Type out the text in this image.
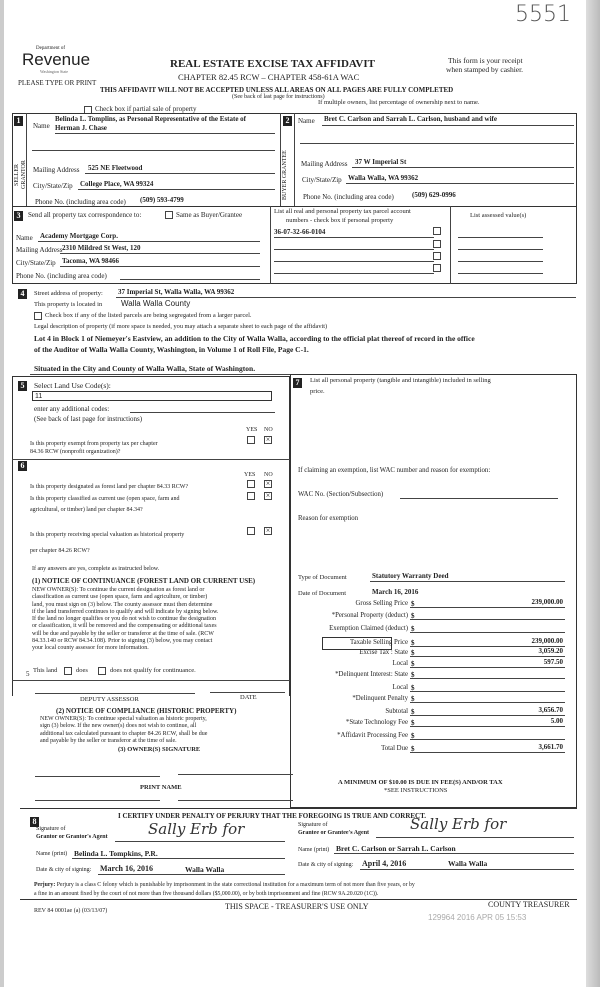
5551
Department of
Revenue
Washington State
REAL ESTATE EXCISE TAX AFFIDAVIT
CHAPTER 82.45 RCW – CHAPTER 458-61A WAC
PLEASE TYPE OR PRINT
THIS AFFIDAVIT WILL NOT BE ACCEPTED UNLESS ALL AREAS ON ALL PAGES ARE FULLY COMPLETED
(See back of last page for instructions)
This form is your receipt
when stamped by cashier.
Check box if partial sale of property
If multiple owners, list percentage of ownership next to name.
1
SELLER GRANTOR
Name
Belinda L. Tomplins, as Personal Representative of the Estate of
Herman J. Chase
Mailing Address 525 NE Fleetwood
City/State/Zip College Place, WA 99324
Phone No. (including area code) (509) 593-4799
2
BUYER GRANTEE
Name Bret C. Carlson and Sarrah L. Carlson, husband and wife
Mailing Address 37 W Imperial St
City/State/Zip Walla Walla, WA 99362
Phone No. (including area code)	(509) 629-0996
3	Send all property tax correspondence to:	Same as Buyer/Grantee
Name Academy Mortgage Corp.
Mailing Address 2310 Mildred St West, 120
City/State/Zip Tacoma, WA 98466
Phone No. (including area code)
List all real and personal property tax parcel account
numbers - check box if personal property
36-07-32-66-0104
List assessed value(s)
4	Street address of property: 37 Imperial St, Walla Walla, WA 99362
This property is located in Walla Walla County
Check box if any of the listed parcels are being segregated from a larger parcel.
Legal description of property (if more space is needed, you may attach a separate sheet to each page of the affidavit)
Lot 4 in Block 1 of Niemeyer's Eastview, an addition to the City of Walla Walla, according to the official plat thereof of record in the office
of the Auditor of Walla Walla County, Washington, in Volume 1 of Roll File, Page C-1.
Situated in the City and County of Walla Walla, State of Washington.
5	Select Land Use Code(s):
11
enter any additional codes:
(See back of last page for instructions)
YES NO
×
Is this property exempt from property tax per chapter
84.36 RCW (nonprofit organization)?
6
YES NO
×
×
Is this property designated as forest land per chapter 84.33 RCW?
Is this property classified as current use (open space, farm and
agricultural, or timber) land per chapter 84.34?
×
Is this property receiving special valuation as historical property
per chapter 84.26 RCW?
If any answers are yes, complete as instructed below.
(1) NOTICE OF CONTINUANCE (FOREST LAND OR CURRENT USE)
NEW OWNER(S): To continue the current designation as forest land or
classification as current use (open space, farm and agriculture, or timber)
land, you must sign on (3) below. The county assessor must then determine
if the land transferred continues to qualify and will indicate by signing below.
If the land no longer qualifies or you do not wish to continue the designation
or classification, it will be removed and the compensating or additional taxes
will be due and payable by the seller or transferor at the time of sale. (RCW
84.33.140 or RCW 84.34.108). Prior to signing (3) below, you may contact
your local county assessor for more information.
5 This land	does	does not qualify for continuance.
DEPUTY ASSESSOR	DATE
(2) NOTICE OF COMPLIANCE (HISTORIC PROPERTY)
NEW OWNER(S): To continue special valuation as historic property,
sign (3) below. If the new owner(s) does not wish to continue, all
additional tax calculated pursuant to chapter 84.26 RCW, shall be due
and payable by the seller or transferor at the time of sale.
(3) OWNER(S) SIGNATURE
PRINT NAME
7	List all personal property (tangible and intangible) included in selling
price.
If claiming an exemption, list WAC number and reason for exemption:
WAC No. (Section/Subsection)
Reason for exemption
Type of Document	Statutory Warranty Deed
Date of Document	March 16, 2016
Gross Selling Price $	239,000.00
*Personal Property (deduct) $
Exemption Claimed (deduct) $
Taxable Selling Price $	239,000.00
Excise Tax : State $	3,059.20
Local $	597.50
*Delinquent Interest: State $
Local $
*Delinquent Penalty $
Subtotal $	3,656.70
*State Technology Fee $	5.00
*Affidavit Processing Fee $
Total Due $	3,661.70
A MINIMUM OF $10.00 IS DUE IN FEE(S) AND/OR TAX
*SEE INSTRUCTIONS
8
I CERTIFY UNDER PENALTY OF PERJURY THAT THE FOREGOING IS TRUE AND CORRECT.
Signature of
Grantor or Grantor's Agent	Sally Erb for
Name (print) Belinda L. Tompkins, P.R.
Date & city of signing: March 16, 2016	Walla Walla
Signature of
Grantee or Grantee's Agent	Sally Erb for
Name (print) Bret C. Carlson or Sarrah L. Carlson
Date & city of signing: April 4, 2016	Walla Walla
Perjury: Perjury is a class C felony which is punishable by imprisonment in the state correctional institution for a maximum term of not more than five years, or by
a fine in an amount fixed by the court of not more than five thousand dollars ($5,000.00), or by both imprisonment and fine (RCW 9A.20.020 (1C)).
REV 84 0001ae (a) (03/13/07)	THIS SPACE - TREASURER'S USE ONLY	COUNTY TREASURER
129964 2016 APR 05 15:53
